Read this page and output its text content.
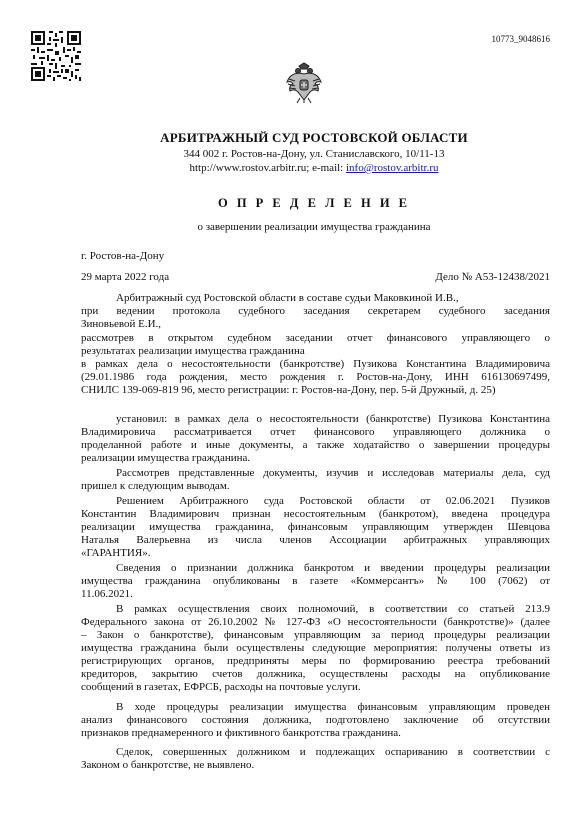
10773_9048616
АРБИТРАЖНЫЙ СУД РОСТОВСКОЙ ОБЛАСТИ
344 002 г. Ростов-на-Дону, ул. Станиславского, 10/11-13
http://www.rostov.arbitr.ru; e-mail: info@rostov.arbitr.ru
О П Р Е Д Е Л Е Н И Е
о завершении реализации имущества гражданина
г. Ростов-на-Дону
29 марта 2022 года	Дело № А53-12438/2021
Арбитражный суд Ростовской области в составе судьи Маковкиной И.В.,
при ведении протокола судебного заседания секретарем судебного заседания
Зиновьевой Е.И.,
рассмотрев в открытом судебном заседании отчет финансового управляющего о
результатах реализации имущества гражданина
в рамках дела о несостоятельности (банкротстве) Пузикова Константина Владимировича
(29.01.1986 года рождения, место рождения г. Ростов-на-Дону, ИНН 616130697499,
СНИЛС 139-069-819 96, место регистрации: г. Ростов-на-Дону, пер. 5-й Дружный, д. 25)
установил: в рамках дела о несостоятельности (банкротстве) Пузикова Константина
Владимировича рассматривается отчет финансового управляющего должника о
проделанной работе и иные документы, а также ходатайство о завершении процедуры
реализации имущества гражданина.
Рассмотрев представленные документы, изучив и исследовав материалы дела, суд
пришел к следующим выводам.
Решением Арбитражного суда Ростовской области от 02.06.2021 Пузиков
Константин Владимирович признан несостоятельным (банкротом), введена процедура
реализации имущества гражданина, финансовым управляющим утвержден Шевцова
Наталья Валерьевна из числа членов Ассоциации арбитражных управляющих
«ГАРАНТИЯ».
Сведения о признании должника банкротом и введении процедуры реализации
имущества гражданина опубликованы в газете «Коммерсантъ» № 100 (7062) от
11.06.2021.
В рамках осуществления своих полномочий, в соответствии со статьей 213.9
Федерального закона от 26.10.2002 № 127-ФЗ «О несостоятельности (банкротстве)» (далее
– Закон о банкротстве), финансовым управляющим за период процедуры реализации
имущества гражданина были осуществлены следующие мероприятия: получены ответы из
регистрирующих органов, предприняты меры по формированию реестра требований
кредиторов, закрытию счетов должника, осуществлены расходы на опубликование
сообщений в газетах, ЕФРСБ, расходы на почтовые услуги.
В ходе процедуры реализации имущества финансовым управляющим проведен
анализ финансового состояния должника, подготовлено заключение об отсутствии
признаков преднамеренного и фиктивного банкротства гражданина.
Сделок, совершенных должником и подлежащих оспариванию в соответствии с
Законом о банкротстве, не выявлено.
